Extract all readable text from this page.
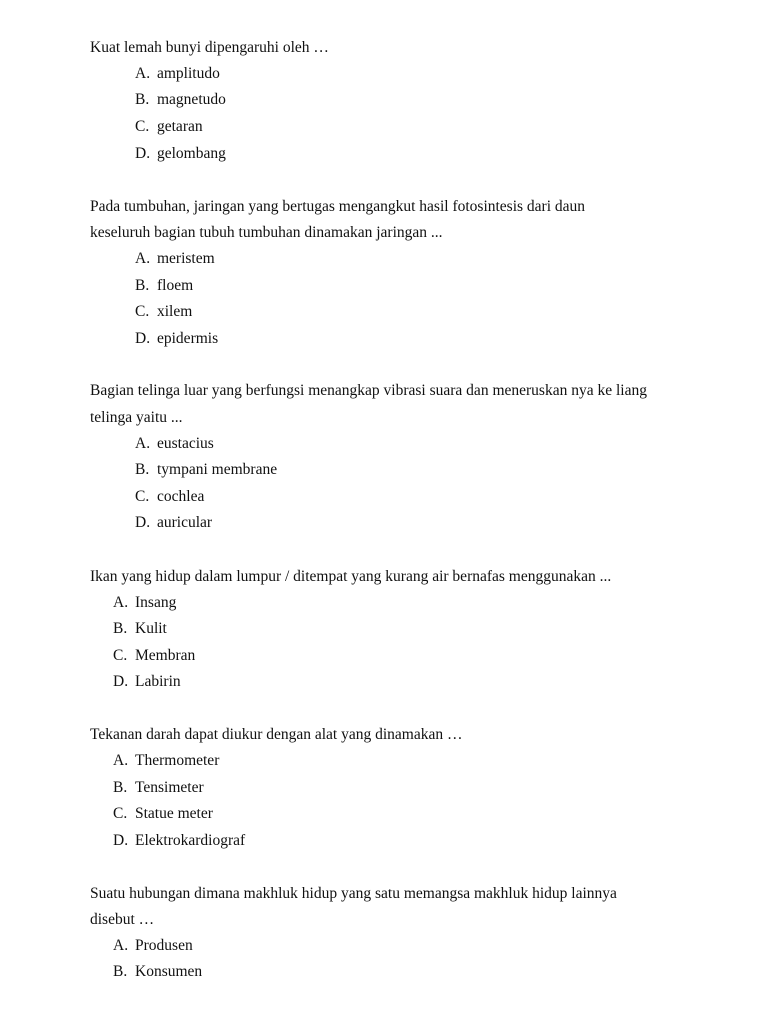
Kuat lemah bunyi dipengaruhi oleh …
A. amplitudo
B. magnetudo
C. getaran
D. gelombang
Pada tumbuhan, jaringan yang bertugas mengangkut hasil fotosintesis dari daun
keseluruh bagian tubuh tumbuhan dinamakan jaringan ...
A. meristem
B. floem
C. xilem
D. epidermis
Bagian telinga luar yang berfungsi menangkap vibrasi suara dan meneruskan nya ke liang
telinga yaitu ...
A. eustacius
B. tympani membrane
C. cochlea
D. auricular
Ikan yang hidup dalam lumpur / ditempat yang kurang air bernafas menggunakan ...
A. Insang
B. Kulit
C. Membran
D. Labirin
Tekanan darah dapat diukur dengan alat yang dinamakan …
A. Thermometer
B. Tensimeter
C. Statue meter
D. Elektrokardiograf
Suatu hubungan dimana makhluk hidup yang satu memangsa makhluk hidup lainnya
disebut …
A. Produsen
B. Konsumen
